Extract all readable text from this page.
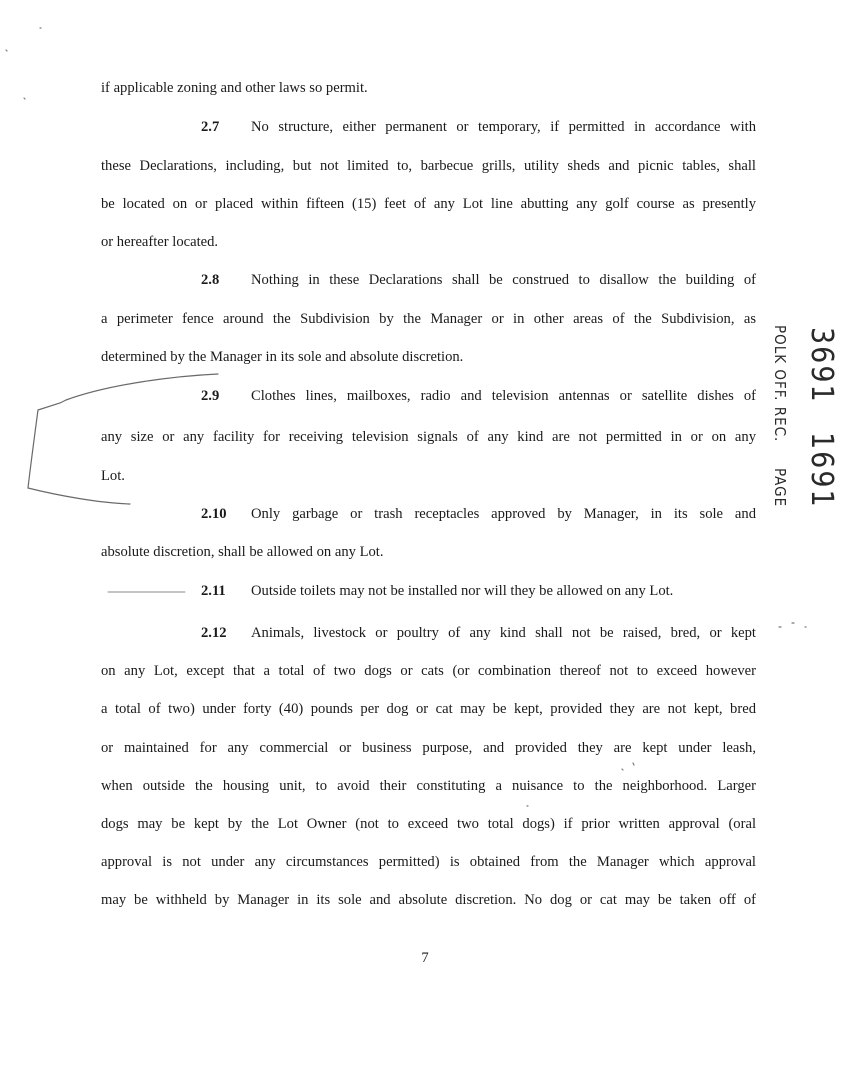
if applicable zoning and other laws so permit.
2.7 No structure, either permanent or temporary, if permitted in accordance with
these Declarations, including, but not limited to, barbecue grills, utility sheds and picnic tables, shall
be located on or placed within fifteen (15) feet of any Lot line abutting any golf course as presently
or hereafter located.
2.8 Nothing in these Declarations shall be construed to disallow the building of
a perimeter fence around the Subdivision by the Manager or in other areas of the Subdivision, as
determined by the Manager in its sole and absolute discretion.
2.9 Clothes lines, mailboxes, radio and television antennas or satellite dishes of
any size or any facility for receiving television signals of any kind are not permitted in or on any
Lot.
2.10 Only garbage or trash receptacles approved by Manager, in its sole and
absolute discretion, shall be allowed on any Lot.
2.11 Outside toilets may not be installed nor will they be allowed on any Lot.
2.12 Animals, livestock or poultry of any kind shall not be raised, bred, or kept
on any Lot, except that a total of two dogs or cats (or combination thereof not to exceed however
a total of two) under forty (40) pounds per dog or cat may be kept, provided they are not kept, bred
or maintained for any commercial or business purpose, and provided they are kept under leash,
when outside the housing unit, to avoid their constituting a nuisance to the neighborhood. Larger
dogs may be kept by the Lot Owner (not to exceed two total dogs) if prior written approval (oral
approval is not under any circumstances permitted) is obtained from the Manager which approval
may be withheld by Manager in its sole and absolute discretion. No dog or cat may be taken off of
7
3691
1691
POLK OFF. REC.
PAGE
